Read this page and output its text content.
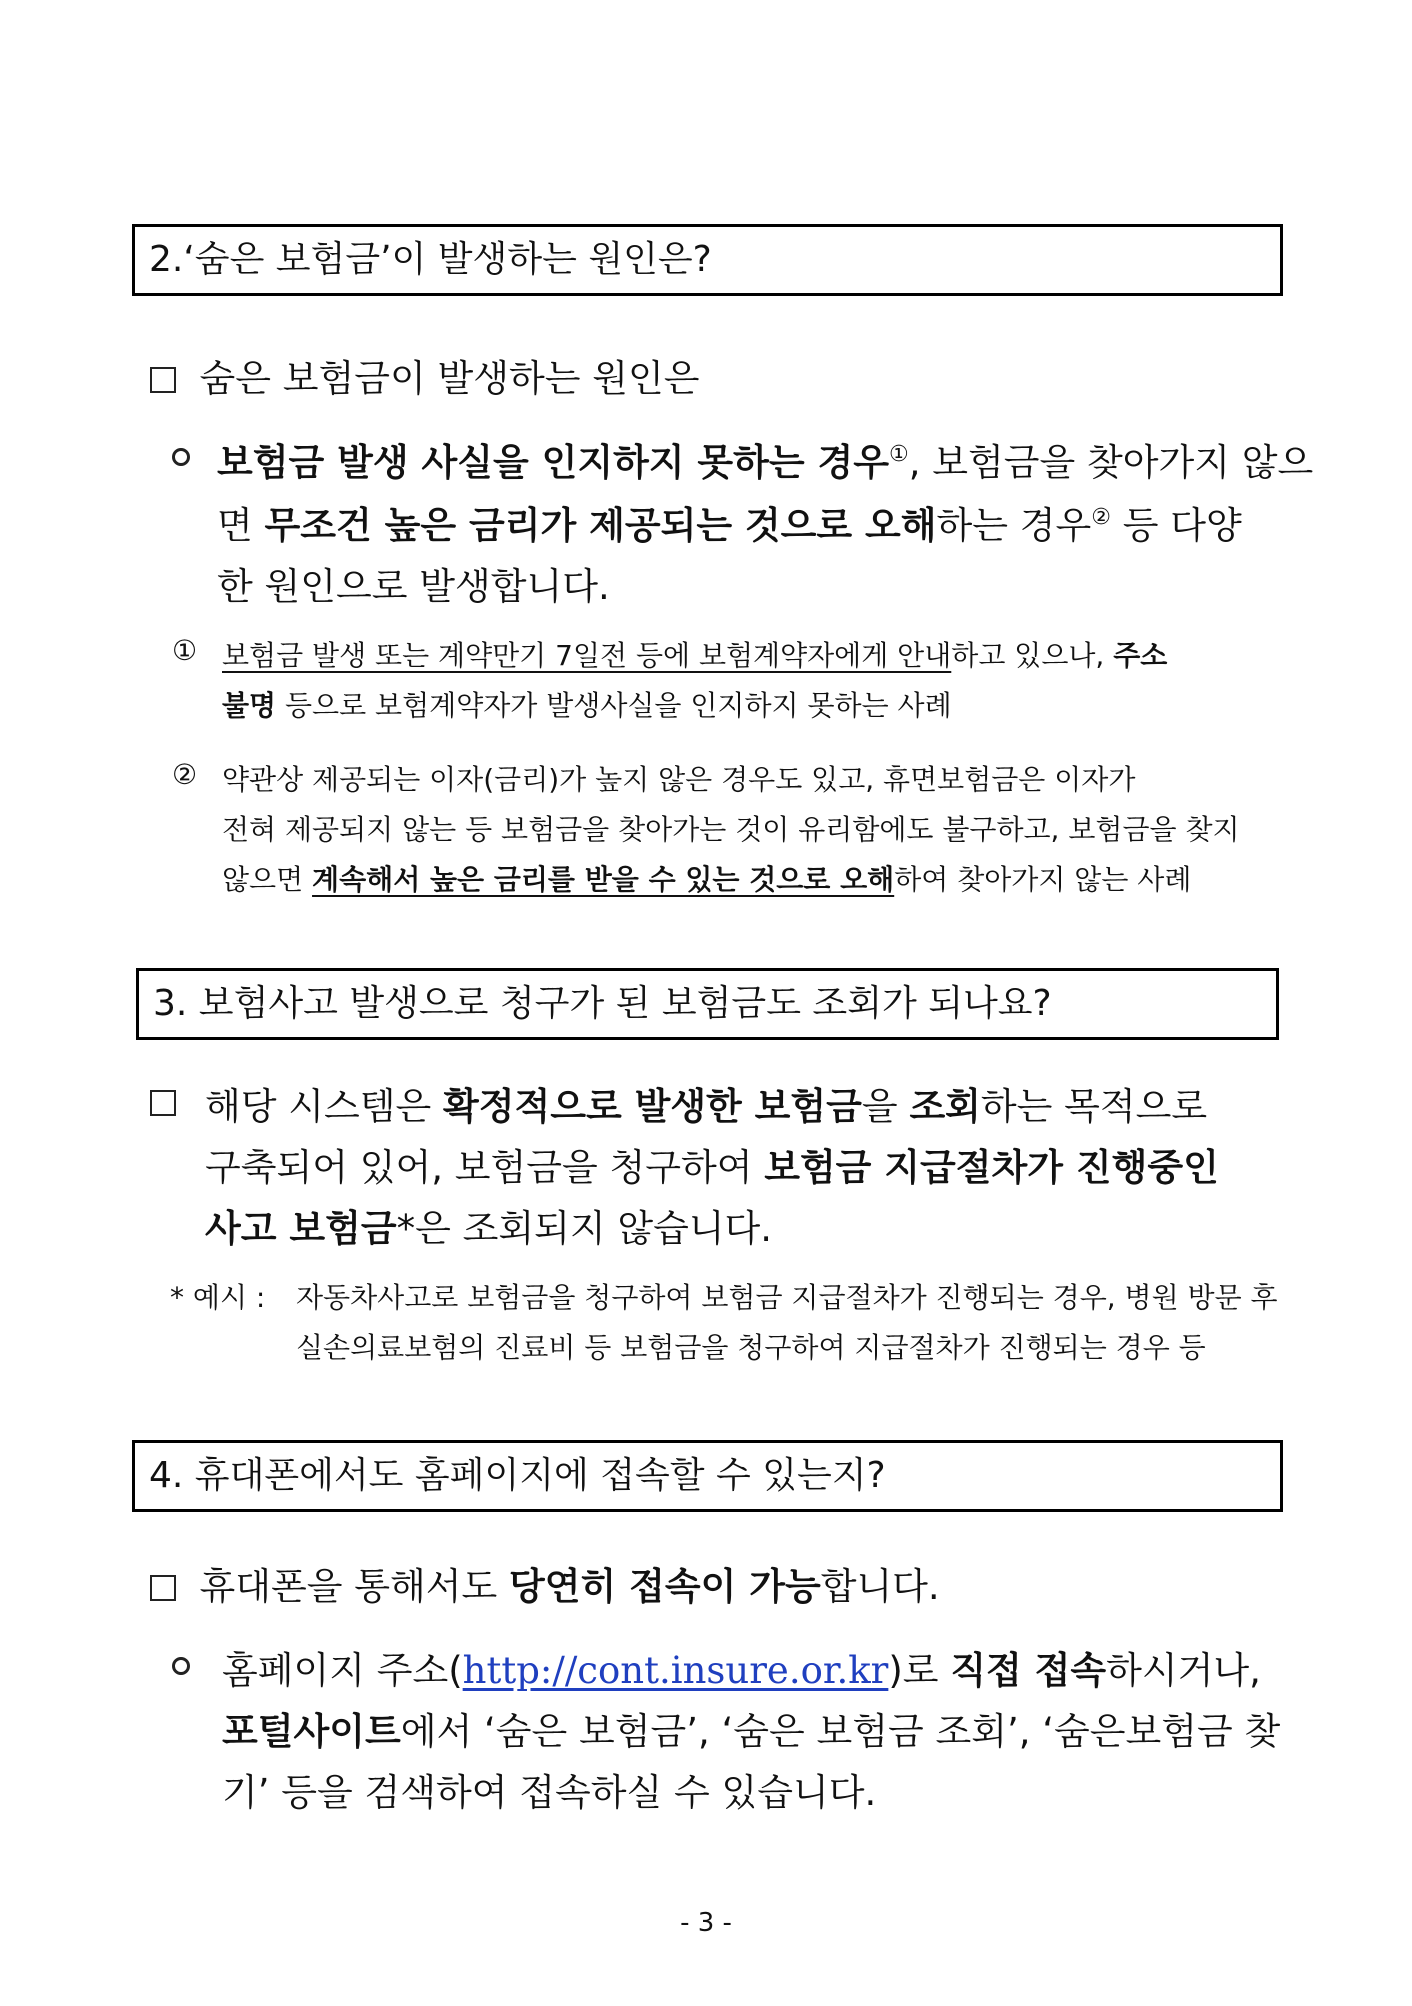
2.‘숨은 보험금’이 발생하는 원인은?
숨은 보험금이 발생하는 원인은
보험금 발생 사실을 인지하지 못하는 경우①, 보험금을 찾아가지 않으
면 무조건 높은 금리가 제공되는 것으로 오해하는 경우② 등 다양
한 원인으로 발생합니다.
① 보험금 발생 또는 계약만기 7일전 등에 보험계약자에게 안내하고 있으나, 주소
불명 등으로 보험계약자가 발생사실을 인지하지 못하는 사례
② 약관상 제공되는 이자(금리)가 높지 않은 경우도 있고, 휴면보험금은 이자가
전혀 제공되지 않는 등 보험금을 찾아가는 것이 유리함에도 불구하고, 보험금을 찾지
않으면 계속해서 높은 금리를 받을 수 있는 것으로 오해하여 찾아가지 않는 사례
3. 보험사고 발생으로 청구가 된 보험금도 조회가 되나요?
해당 시스템은 확정적으로 발생한 보험금을 조회하는 목적으로
구축되어 있어, 보험금을 청구하여 보험금 지급절차가 진행중인
사고 보험금*은 조회되지 않습니다.
* 예시 : 자동차사고로 보험금을 청구하여 보험금 지급절차가 진행되는 경우, 병원 방문 후
실손의료보험의 진료비 등 보험금을 청구하여 지급절차가 진행되는 경우 등
4. 휴대폰에서도 홈페이지에 접속할 수 있는지?
휴대폰을 통해서도 당연히 접속이 가능합니다.
홈페이지 주소(http://cont.insure.or.kr)로 직접 접속하시거나,
포털사이트에서 ‘숨은 보험금’, ‘숨은 보험금 조회’, ‘숨은보험금 찾
기’ 등을 검색하여 접속하실 수 있습니다.
- 3 -
